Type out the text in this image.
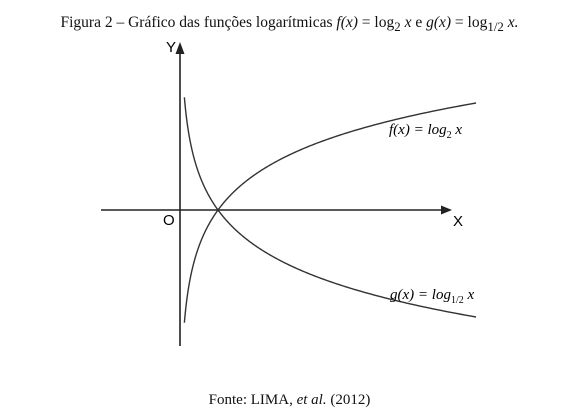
Figura 2 – Gráfico das funções logarítmicas $f(x) = \log_2 x$ e $g(x) = \log_{1/2} x$.
Y
X
O
$f(x) = \log_2 x$
$g(x) = \log_{1/2} x$
Fonte: LIMA, et al. (2012)
